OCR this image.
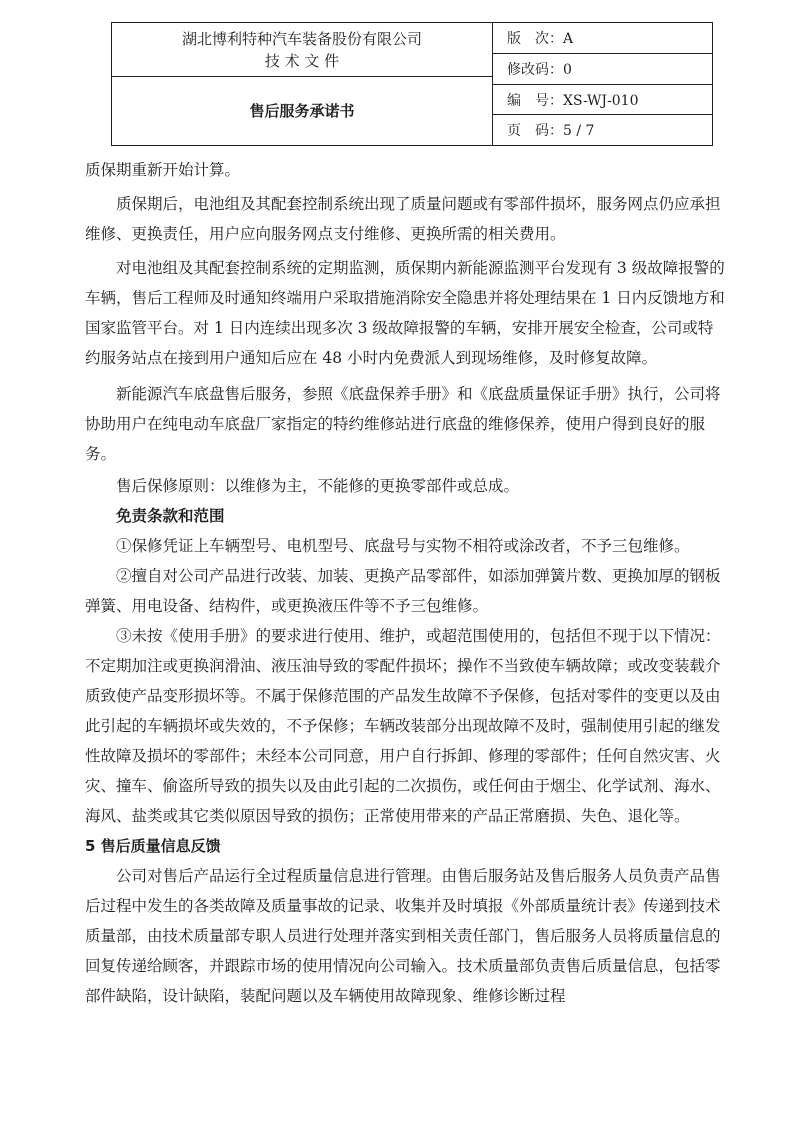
湖北博利特种汽车装备股份有限公司
技 术 文 件
售后服务承诺书
版　次：A
修改码：0
编　号：XS-WJ-010
页　码：5 / 7

质保期重新开始计算。

质保期后，电池组及其配套控制系统出现了质量问题或有零部件损坏，服务网点仍应承担维修、更换责任，用户应向服务网点支付维修、更换所需的相关费用。

对电池组及其配套控制系统的定期监测，质保期内新能源监测平台发现有 3 级故障报警的车辆，售后工程师及时通知终端用户采取措施消除安全隐患并将处理结果在 1 日内反馈地方和国家监管平台。对 1 日内连续出现多次 3 级故障报警的车辆，安排开展安全检查，公司或特约服务站点在接到用户通知后应在 48 小时内免费派人到现场维修，及时修复故障。

新能源汽车底盘售后服务，参照《底盘保养手册》和《底盘质量保证手册》执行，公司将协助用户在纯电动车底盘厂家指定的特约维修站进行底盘的维修保养，使用户得到良好的服务。

售后保修原则：以维修为主，不能修的更换零部件或总成。

免责条款和范围

①保修凭证上车辆型号、电机型号、底盘号与实物不相符或涂改者，不予三包维修。

②擅自对公司产品进行改装、加装、更换产品零部件，如添加弹簧片数、更换加厚的钢板弹簧、用电设备、结构件，或更换液压件等不予三包维修。

③未按《使用手册》的要求进行使用、维护，或超范围使用的，包括但不现于以下情况：不定期加注或更换润滑油、液压油导致的零配件损坏；操作不当致使车辆故障；或改变装载介质致使产品变形损坏等。不属于保修范围的产品发生故障不予保修，包括对零件的变更以及由此引起的车辆损坏或失效的，不予保修；车辆改装部分出现故障不及时，强制使用引起的继发性故障及损坏的零部件；未经本公司同意，用户自行拆卸、修理的零部件；任何自然灾害、火灾、撞车、偷盗所导致的损失以及由此引起的二次损伤，或任何由于烟尘、化学试剂、海水、海风、盐类或其它类似原因导致的损伤；正常使用带来的产品正常磨损、失色、退化等。

5 售后质量信息反馈

公司对售后产品运行全过程质量信息进行管理。由售后服务站及售后服务人员负责产品售后过程中发生的各类故障及质量事故的记录、收集并及时填报《外部质量统计表》传递到技术质量部，由技术质量部专职人员进行处理并落实到相关责任部门，售后服务人员将质量信息的回复传递给顾客，并跟踪市场的使用情况向公司输入。技术质量部负责售后质量信息，包括零部件缺陷，设计缺陷，装配问题以及车辆使用故障现象、维修诊断过程
